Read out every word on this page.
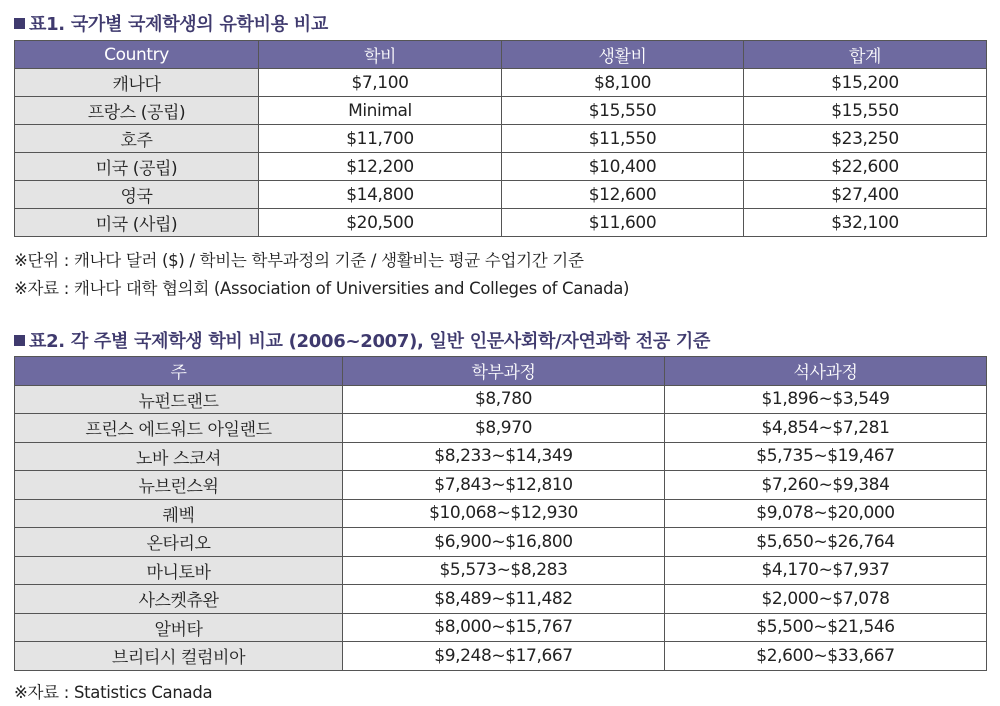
표1. 국가별 국제학생의 유학비용 비교
Country	학비	생활비	합계
캐나다	$7,100	$8,100	$15,200
프랑스 (공립)	Minimal	$15,550	$15,550
호주	$11,700	$11,550	$23,250
미국 (공립)	$12,200	$10,400	$22,600
영국	$14,800	$12,600	$27,400
미국 (사립)	$20,500	$11,600	$32,100
※단위 : 캐나다 달러 ($) / 학비는 학부과정의 기준 / 생활비는 평균 수업기간 기준
※자료 : 캐나다 대학 협의회 (Association of Universities and Colleges of Canada)
표2. 각 주별 국제학생 학비 비교 (2006~2007), 일반 인문사회학/자연과학 전공 기준
주	학부과정	석사과정
뉴펀드랜드	$8,780	$1,896~$3,549
프린스 에드워드 아일랜드	$8,970	$4,854~$7,281
노바 스코셔	$8,233~$14,349	$5,735~$19,467
뉴브런스윅	$7,843~$12,810	$7,260~$9,384
퀘벡	$10,068~$12,930	$9,078~$20,000
온타리오	$6,900~$16,800	$5,650~$26,764
마니토바	$5,573~$8,283	$4,170~$7,937
사스켓츄완	$8,489~$11,482	$2,000~$7,078
알버타	$8,000~$15,767	$5,500~$21,546
브리티시 컬럼비아	$9,248~$17,667	$2,600~$33,667
※자료 : Statistics Canada
